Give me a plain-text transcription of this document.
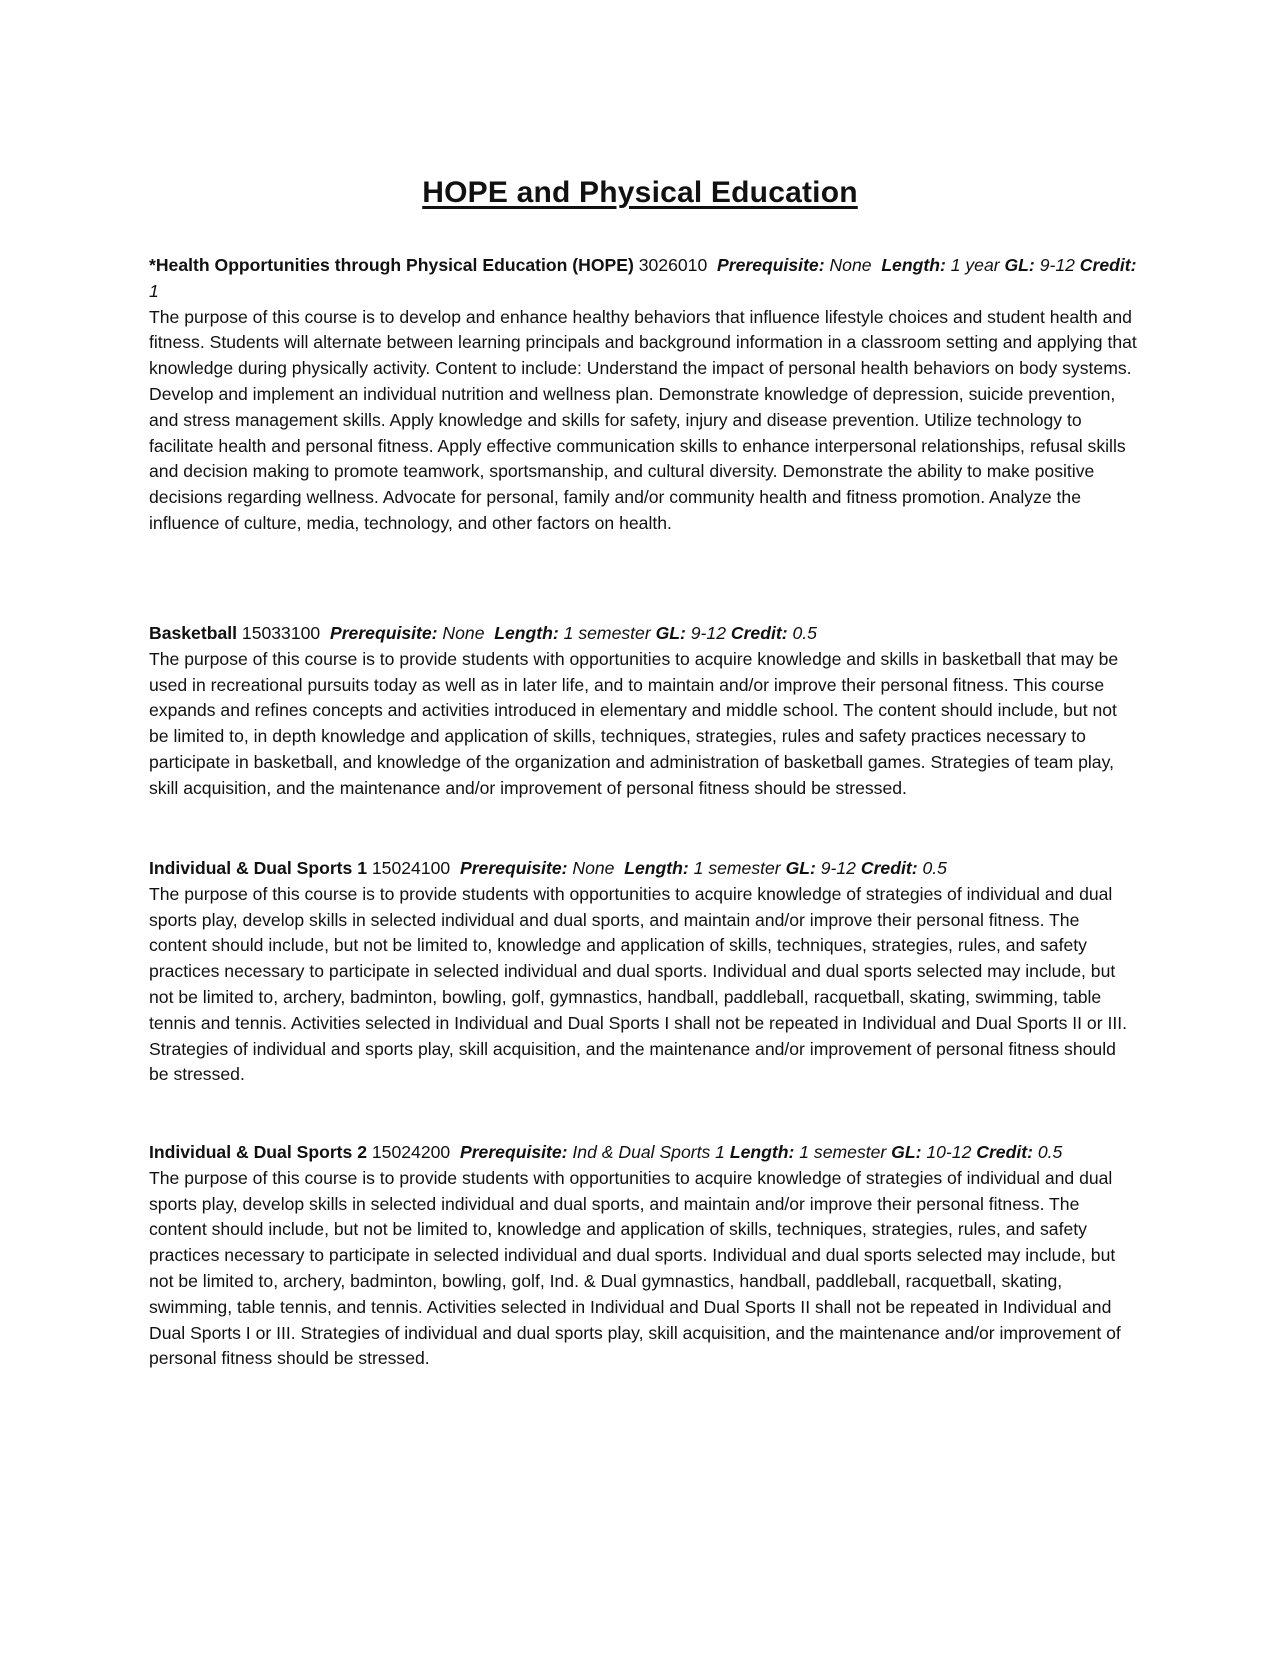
HOPE and Physical Education

*Health Opportunities through Physical Education (HOPE) 3026010 Prerequisite: None Length: 1 year GL: 9-12 Credit: 1

The purpose of this course is to develop and enhance healthy behaviors that influence lifestyle choices and student health and fitness. Students will alternate between learning principals and background information in a classroom setting and applying that knowledge during physically activity. Content to include: Understand the impact of personal health behaviors on body systems. Develop and implement an individual nutrition and wellness plan. Demonstrate knowledge of depression, suicide prevention, and stress management skills. Apply knowledge and skills for safety, injury and disease prevention. Utilize technology to facilitate health and personal fitness. Apply effective communication skills to enhance interpersonal relationships, refusal skills and decision making to promote teamwork, sportsmanship, and cultural diversity. Demonstrate the ability to make positive decisions regarding wellness. Advocate for personal, family and/or community health and fitness promotion. Analyze the influence of culture, media, technology, and other factors on health.

Basketball 15033100 Prerequisite: None Length: 1 semester GL: 9-12 Credit: 0.5

The purpose of this course is to provide students with opportunities to acquire knowledge and skills in basketball that may be used in recreational pursuits today as well as in later life, and to maintain and/or improve their personal fitness. This course expands and refines concepts and activities introduced in elementary and middle school. The content should include, but not be limited to, in depth knowledge and application of skills, techniques, strategies, rules and safety practices necessary to participate in basketball, and knowledge of the organization and administration of basketball games. Strategies of team play, skill acquisition, and the maintenance and/or improvement of personal fitness should be stressed.

Individual & Dual Sports 1 15024100 Prerequisite: None Length: 1 semester GL: 9-12 Credit: 0.5

The purpose of this course is to provide students with opportunities to acquire knowledge of strategies of individual and dual sports play, develop skills in selected individual and dual sports, and maintain and/or improve their personal fitness. The content should include, but not be limited to, knowledge and application of skills, techniques, strategies, rules, and safety practices necessary to participate in selected individual and dual sports. Individual and dual sports selected may include, but not be limited to, archery, badminton, bowling, golf, gymnastics, handball, paddleball, racquetball, skating, swimming, table tennis and tennis. Activities selected in Individual and Dual Sports I shall not be repeated in Individual and Dual Sports II or III. Strategies of individual and sports play, skill acquisition, and the maintenance and/or improvement of personal fitness should be stressed.

Individual & Dual Sports 2 15024200 Prerequisite: Ind & Dual Sports 1 Length: 1 semester GL: 10-12 Credit: 0.5

The purpose of this course is to provide students with opportunities to acquire knowledge of strategies of individual and dual sports play, develop skills in selected individual and dual sports, and maintain and/or improve their personal fitness. The content should include, but not be limited to, knowledge and application of skills, techniques, strategies, rules, and safety practices necessary to participate in selected individual and dual sports. Individual and dual sports selected may include, but not be limited to, archery, badminton, bowling, golf, Ind. & Dual gymnastics, handball, paddleball, racquetball, skating, swimming, table tennis, and tennis. Activities selected in Individual and Dual Sports II shall not be repeated in Individual and Dual Sports I or III. Strategies of individual and dual sports play, skill acquisition, and the maintenance and/or improvement of personal fitness should be stressed.
